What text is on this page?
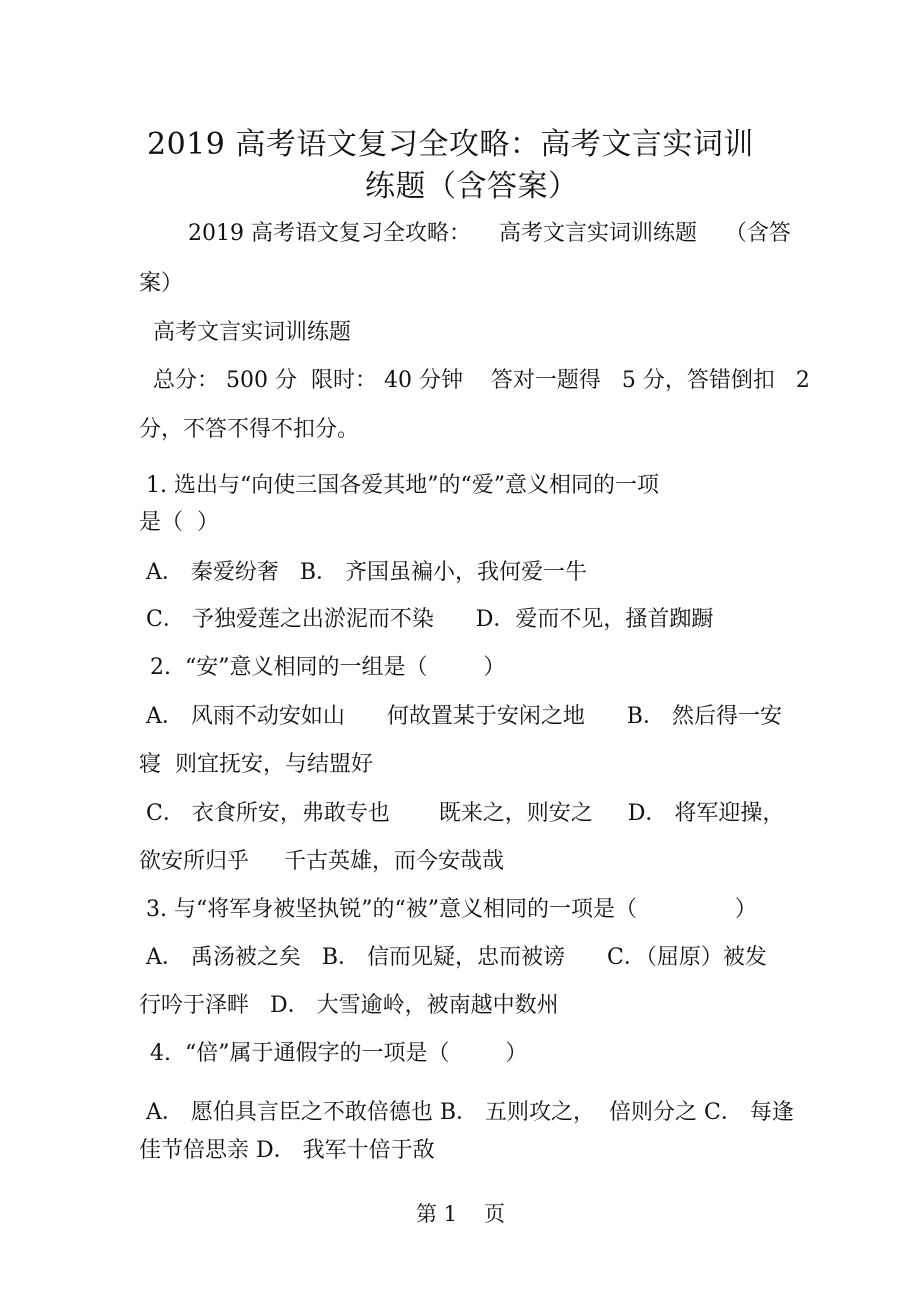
2019 高考语文复习全攻略：高考文言实词训
练题（含答案）
2019 高考语文复习全攻略：    高考文言实词训练题    （含答
案）
高考文言实词训练题
总分： 500 分  限时： 40 分钟    答对一题得   5 分，答错倒扣   2
分，不答不得不扣分。
1. 选出与“向使三国各爱其地”的“爱”意义相同的一项
是（  ）
A． 秦爱纷奢   B． 齐国虽褊小，我何爱一牛
C． 予独爱莲之出淤泥而不染      D．爱而不见，搔首踟蹰
2.  “安”意义相同的一组是（        ）
A． 风雨不动安如山      何故置某于安闲之地      B． 然后得一安
寝  则宜抚安，与结盟好
C． 衣食所安，弗敢专也       既来之，则安之     D． 将军迎操，
欲安所归乎     千古英雄，而今安哉哉
3. 与“将军身被坚执锐”的“被”意义相同的一项是（              ）
A． 禹汤被之矣   B． 信而见疑，忠而被谤      C．（屈原）被发
行吟于泽畔   D． 大雪逾岭，被南越中数州
4.  “倍”属于通假字的一项是（        ）
A． 愿伯具言臣之不敢倍德也 B． 五则攻之，  倍则分之 C． 每逢
佳节倍思亲 D． 我军十倍于敌
第 1 页
